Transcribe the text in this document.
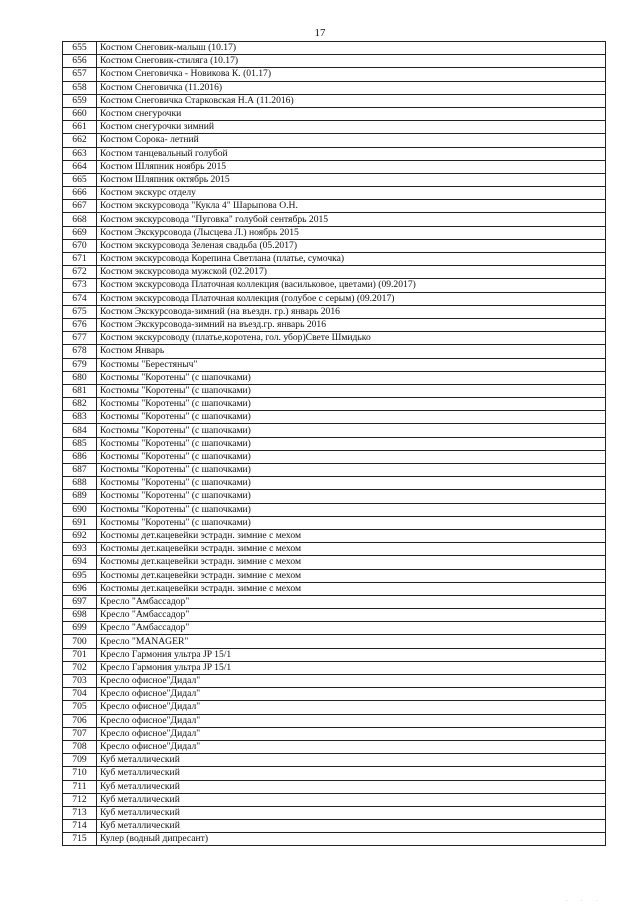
17
655	Костюм Снеговик-малыш (10.17)
656	Костюм Снеговик-стиляга (10.17)
657	Костюм Снеговичка - Новикова К. (01.17)
658	Костюм Снеговичка (11.2016)
659	Костюм Снеговичка Старковская Н.А (11.2016)
660	Костюм снегурочки
661	Костюм снегурочки зимний
662	Костюм Сорока- летний
663	Костюм танцевальный голубой
664	Костюм Шляпник ноябрь 2015
665	Костюм Шляпник октябрь 2015
666	Костюм экскурс отделу
667	Костюм экскурсовода "Кукла 4" Шарыпова О.Н.
668	Костюм экскурсовода "Пуговка" голубой сентябрь 2015
669	Костюм Экскурсовода (Лысцева Л.) ноябрь 2015
670	Костюм экскурсовода Зеленая свадьба (05.2017)
671	Костюм экскурсовода Корепина Светлана (платье, сумочка)
672	Костюм экскурсовода мужской (02.2017)
673	Костюм экскурсовода Платочная коллекция (васильковое, цветами) (09.2017)
674	Костюм экскурсовода Платочная коллекция (голубое с серым) (09.2017)
675	Костюм Экскурсовода-зимний (на въездн. гр.) январь 2016
676	Костюм Экскурсовода-зимний на въезд.гр. январь 2016
677	Костюм экскурсоводу (платье,коротена, гол. убор)Свете Шмидько
678	Костюм Январь
679	Костюмы "Берестяныч"
680	Костюмы "Коротены" (с шапочками)
681	Костюмы "Коротены" (с шапочками)
682	Костюмы "Коротены" (с шапочками)
683	Костюмы "Коротены" (с шапочками)
684	Костюмы "Коротены" (с шапочками)
685	Костюмы "Коротены" (с шапочками)
686	Костюмы "Коротены" (с шапочками)
687	Костюмы "Коротены" (с шапочками)
688	Костюмы "Коротены" (с шапочками)
689	Костюмы "Коротены" (с шапочками)
690	Костюмы "Коротены" (с шапочками)
691	Костюмы "Коротены" (с шапочками)
692	Костюмы дет.кацевейки эстрадн. зимние с мехом
693	Костюмы дет.кацевейки эстрадн. зимние с мехом
694	Костюмы дет.кацевейки эстрадн. зимние с мехом
695	Костюмы дет.кацевейки эстрадн. зимние с мехом
696	Костюмы дет.кацевейки эстрадн. зимние с мехом
697	Кресло "Амбассадор"
698	Кресло "Амбассадор"
699	Кресло "Амбассадор"
700	Кресло "MANAGER"
701	Кресло Гармония ультра JP 15/1
702	Кресло Гармония ультра JP 15/1
703	Кресло офисное"Дидал"
704	Кресло офисное"Дидал"
705	Кресло офисное"Дидал"
706	Кресло офисное"Дидал"
707	Кресло офисное"Дидал"
708	Кресло офисное"Дидал"
709	Куб металлический
710	Куб металлический
711	Куб металлический
712	Куб металлический
713	Куб металлический
714	Куб металлический
715	Кулер (водный дипресант)
. . .
